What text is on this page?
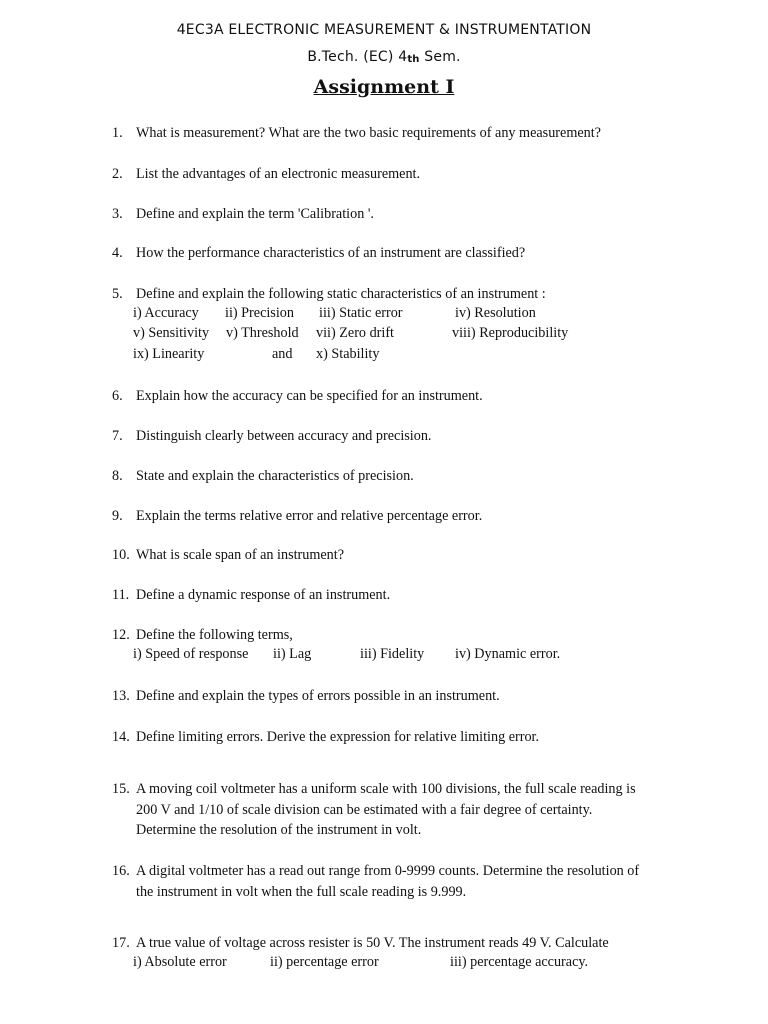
4EC3A ELECTRONIC MEASUREMENT & INSTRUMENTATION
B.Tech. (EC) $4_{th}$ Sem.
Assignment I
1. What is measurement? What are the two basic requirements of any measurement?
2. List the advantages of an electronic measurement.
3. Define and explain the term 'Calibration '.
4. How the performance characteristics of an instrument are classified?
5. Define and explain the following static characteristics of an instrument :
i) Accuracy ii) Precision iii) Static error	iv) Resolution
v) Sensitivity v) Threshold vii) Zero drift	viii) Reproducibility
ix) Linearity	and x) Stability
6. Explain how the accuracy can be specified for an instrument.
7. Distinguish clearly between accuracy and precision.
8. State and explain the characteristics of precision.
9. Explain the terms relative error and relative percentage error.
10. What is scale span of an instrument?
11. Define a dynamic response of an instrument.
12. Define the following terms,
i) Speed of response ii) Lag	iii) Fidelity iv) Dynamic error.
13. Define and explain the types of errors possible in an instrument.
14. Define limiting errors. Derive the expression for relative limiting error.
15. A moving coil voltmeter has a uniform scale with 100 divisions, the full scale reading is
200 V and 1/10 of scale division can be estimated with a fair degree of certainty.
Determine the resolution of the instrument in volt.
16. A digital voltmeter has a read out range from 0-9999 counts. Determine the resolution of
the instrument in volt when the full scale reading is 9.999.
17. A true value of voltage across resister is 50 V. The instrument reads 49 V. Calculate
i) Absolute error	ii) percentage error	iii) percentage accuracy.
